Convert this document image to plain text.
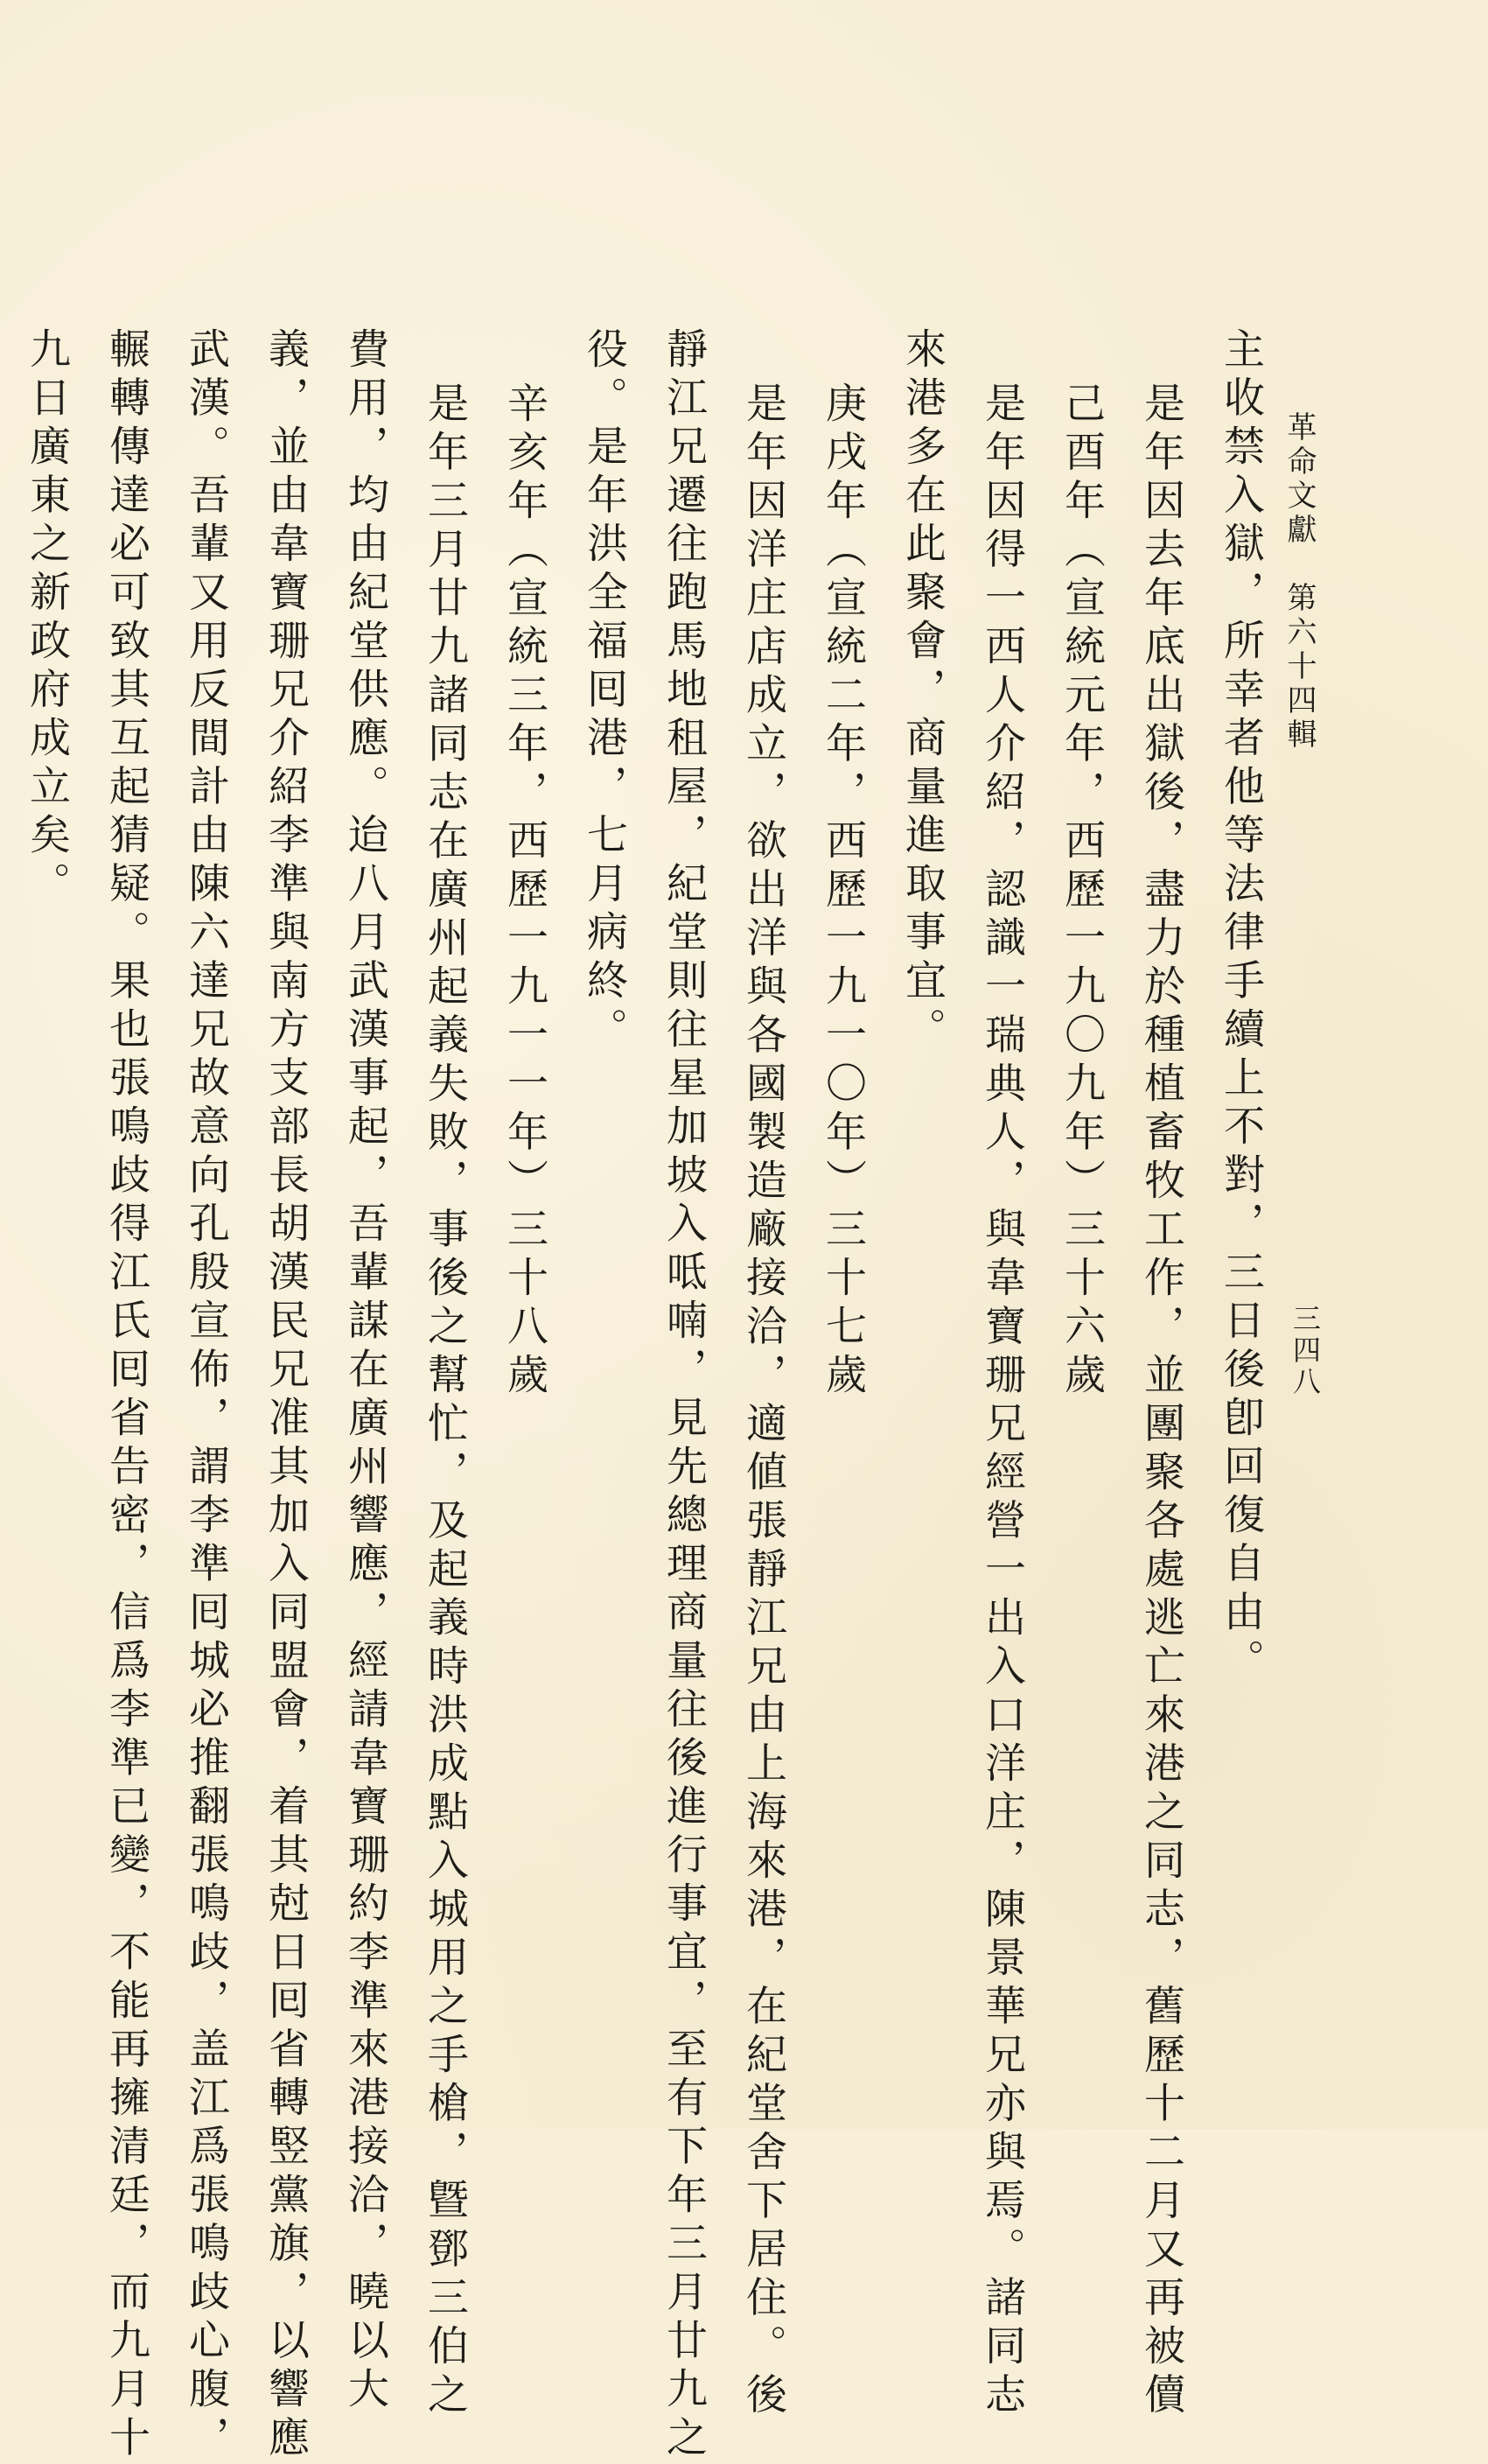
革命文獻　第六十四輯
三四八
主收禁入獄，所幸者他等法律手續上不對，三日後卽回復自由。
是年因去年底出獄後，盡力於種植畜牧工作，並團聚各處逃亡來港之同志，舊歷十二月又再被儥
己酉年（宣統元年，西歷一九〇九年）三十六歲
是年因得一西人介紹，認識一瑞典人，與韋寶珊兄經營一出入口洋庄，陳景華兄亦與焉。諸同志
來港多在此聚會，商量進取事宜。
庚戌年（宣統二年，西歷一九一〇年）三十七歲
是年因洋庄店成立，欲出洋與各國製造廠接洽，適値張靜江兄由上海來港，在紀堂舍下居住。後
靜江兄遷往跑馬地租屋，紀堂則往星加坡入呧喃，見先總理商量往後進行事宜，至有下年三月廿九之
役。是年洪全福囘港，七月病終。
辛亥年（宣統三年，西歷一九一一年）三十八歲
是年三月廿九諸同志在廣州起義失敗，事後之幫忙，及起義時洪成點入城用之手槍，曁鄧三伯之
費用，均由紀堂供應。迨八月武漢事起，吾輩謀在廣州響應，經請韋寶珊約李準來港接洽，曉以大
義，並由韋寶珊兄介紹李準與南方支部長胡漢民兄准其加入同盟會，着其尅日囘省轉竪黨旗，以響應
武漢。吾輩又用反間計由陳六達兄故意向孔殷宣佈，謂李準囘城必推翻張鳴歧，盖江爲張鳴歧心腹，
輾轉傳達必可致其互起猜疑。果也張鳴歧得江氏囘省告密，信爲李準已變，不能再擁清廷，而九月十
九日廣東之新政府成立矣。
